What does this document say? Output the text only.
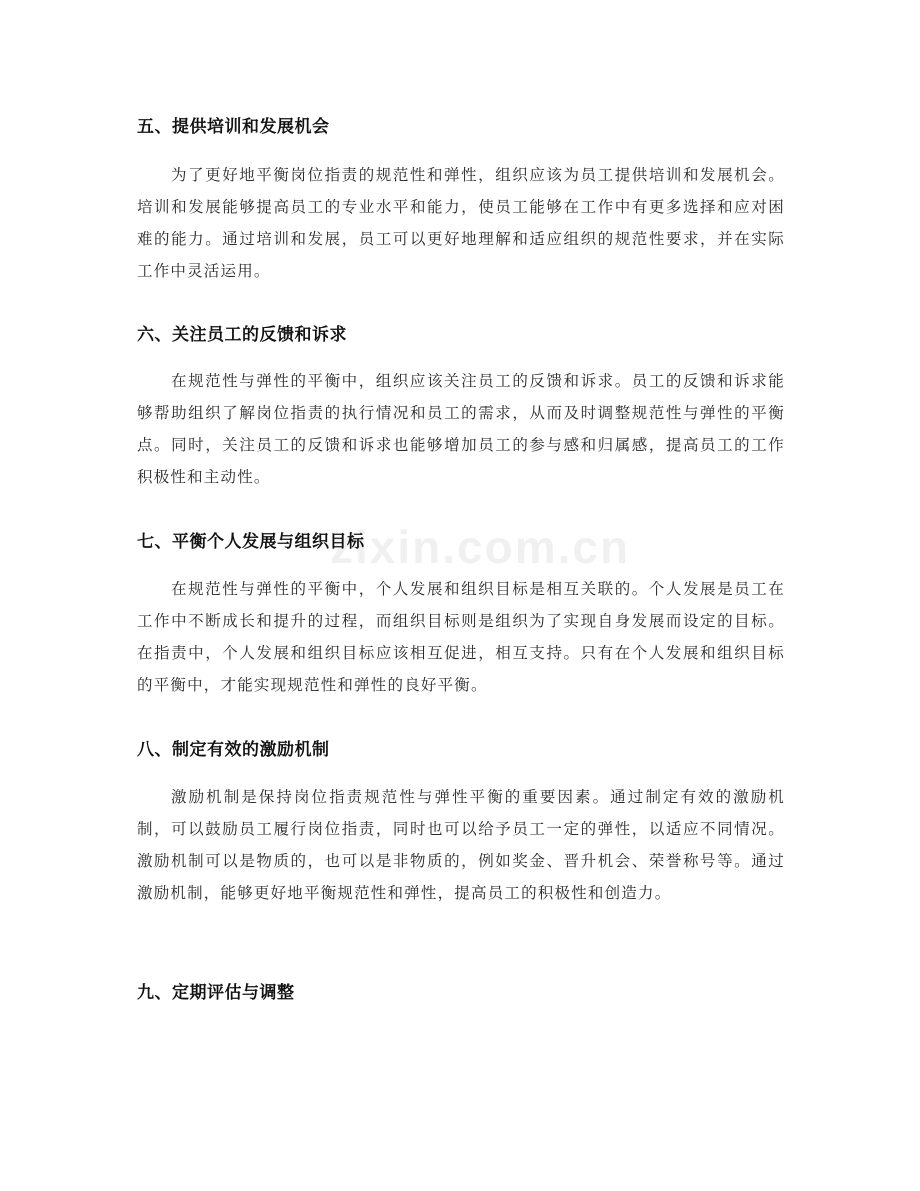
五、提供培训和发展机会
为了更好地平衡岗位指责的规范性和弹性，组织应该为员工提供培训和发展机会。培训和发展能够提高员工的专业水平和能力，使员工能够在工作中有更多选择和应对困难的能力。通过培训和发展，员工可以更好地理解和适应组织的规范性要求，并在实际工作中灵活运用。
六、关注员工的反馈和诉求
在规范性与弹性的平衡中，组织应该关注员工的反馈和诉求。员工的反馈和诉求能够帮助组织了解岗位指责的执行情况和员工的需求，从而及时调整规范性与弹性的平衡点。同时，关注员工的反馈和诉求也能够增加员工的参与感和归属感，提高员工的工作积极性和主动性。
七、平衡个人发展与组织目标
在规范性与弹性的平衡中，个人发展和组织目标是相互关联的。个人发展是员工在工作中不断成长和提升的过程，而组织目标则是组织为了实现自身发展而设定的目标。在指责中，个人发展和组织目标应该相互促进，相互支持。只有在个人发展和组织目标的平衡中，才能实现规范性和弹性的良好平衡。
八、制定有效的激励机制
激励机制是保持岗位指责规范性与弹性平衡的重要因素。通过制定有效的激励机制，可以鼓励员工履行岗位指责，同时也可以给予员工一定的弹性，以适应不同情况。激励机制可以是物质的，也可以是非物质的，例如奖金、晋升机会、荣誉称号等。通过激励机制，能够更好地平衡规范性和弹性，提高员工的积极性和创造力。
九、定期评估与调整
zixin.com.cn
